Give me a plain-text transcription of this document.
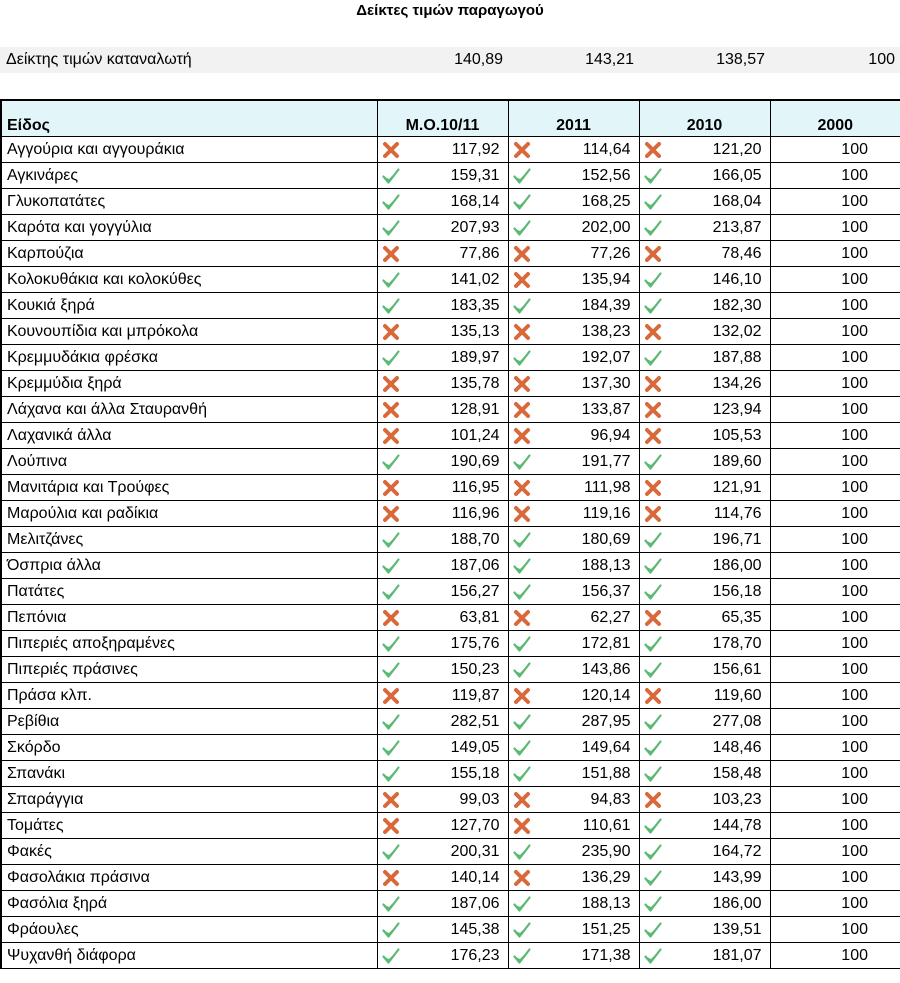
Δείκτες τιμών παραγωγού
Δείκτης τιμών καταναλωτή	140,89	143,21	138,57	100
Είδος	Μ.Ο.10/11	2011	2010	2000
Αγγούρια και αγγουράκια	117,92	114,64	121,20	100
Αγκινάρες	159,31	152,56	166,05	100
Γλυκοπατάτες	168,14	168,25	168,04	100
Καρότα και γογγύλια	207,93	202,00	213,87	100
Καρπούζια	77,86	77,26	78,46	100
Κολοκυθάκια και κολοκύθες	141,02	135,94	146,10	100
Κουκιά ξηρά	183,35	184,39	182,30	100
Κουνουπίδια και μπρόκολα	135,13	138,23	132,02	100
Κρεμμυδάκια φρέσκα	189,97	192,07	187,88	100
Κρεμμύδια ξηρά	135,78	137,30	134,26	100
Λάχανα και άλλα Σταυρανθή	128,91	133,87	123,94	100
Λαχανικά άλλα	101,24	96,94	105,53	100
Λούπινα	190,69	191,77	189,60	100
Μανιτάρια και Τρούφες	116,95	111,98	121,91	100
Μαρούλια και ραδίκια	116,96	119,16	114,76	100
Μελιτζάνες	188,70	180,69	196,71	100
Όσπρια άλλα	187,06	188,13	186,00	100
Πατάτες	156,27	156,37	156,18	100
Πεπόνια	63,81	62,27	65,35	100
Πιπεριές αποξηραμένες	175,76	172,81	178,70	100
Πιπεριές πράσινες	150,23	143,86	156,61	100
Πράσα κλπ.	119,87	120,14	119,60	100
Ρεβίθια	282,51	287,95	277,08	100
Σκόρδο	149,05	149,64	148,46	100
Σπανάκι	155,18	151,88	158,48	100
Σπαράγγια	99,03	94,83	103,23	100
Τομάτες	127,70	110,61	144,78	100
Φακές	200,31	235,90	164,72	100
Φασολάκια πράσινα	140,14	136,29	143,99	100
Φασόλια ξηρά	187,06	188,13	186,00	100
Φράουλες	145,38	151,25	139,51	100
Ψυχανθή διάφορα	176,23	171,38	181,07	100
